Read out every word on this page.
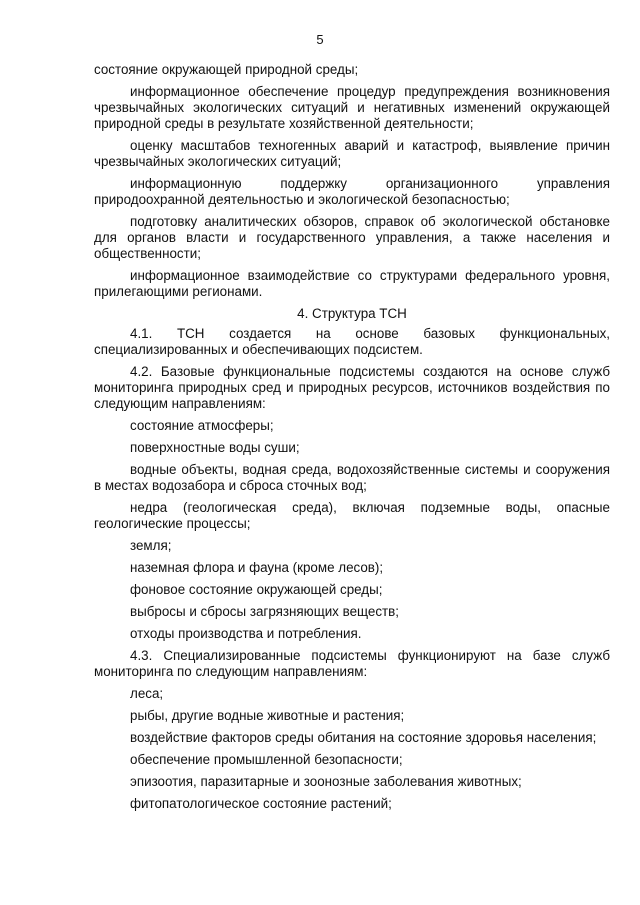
5

состояние окружающей природной среды;

информационное обеспечение процедур предупреждения возникновения чрезвычайных экологических ситуаций и негативных изменений окружающей природной среды в результате хозяйственной деятельности;

оценку масштабов техногенных аварий и катастроф, выявление причин чрезвычайных экологических ситуаций;

информационную поддержку организационного управления природоохранной деятельностью и экологической безопасностью;

подготовку аналитических обзоров, справок об экологической обстановке для органов власти и государственного управления, а также населения и общественности;

информационное взаимодействие со структурами федерального уровня, прилегающими регионами.

4. Структура ТСН

4.1. ТСН создается на основе базовых функциональных, специализированных и обеспечивающих подсистем.

4.2. Базовые функциональные подсистемы создаются на основе служб мониторинга природных сред и природных ресурсов, источников воздействия по следующим направлениям:

состояние атмосферы;

поверхностные воды суши;

водные объекты, водная среда, водохозяйственные системы и сооружения в местах водозабора и сброса сточных вод;

недра (геологическая среда), включая подземные воды, опасные геологические процессы;

земля;

наземная флора и фауна (кроме лесов);

фоновое состояние окружающей среды;

выбросы и сбросы загрязняющих веществ;

отходы производства и потребления.

4.3. Специализированные подсистемы функционируют на базе служб мониторинга по следующим направлениям:

леса;

рыбы, другие водные животные и растения;

воздействие факторов среды обитания на состояние здоровья населения;

обеспечение промышленной безопасности;

эпизоотия, паразитарные и зоонозные заболевания животных;

фитопатологическое состояние растений;
